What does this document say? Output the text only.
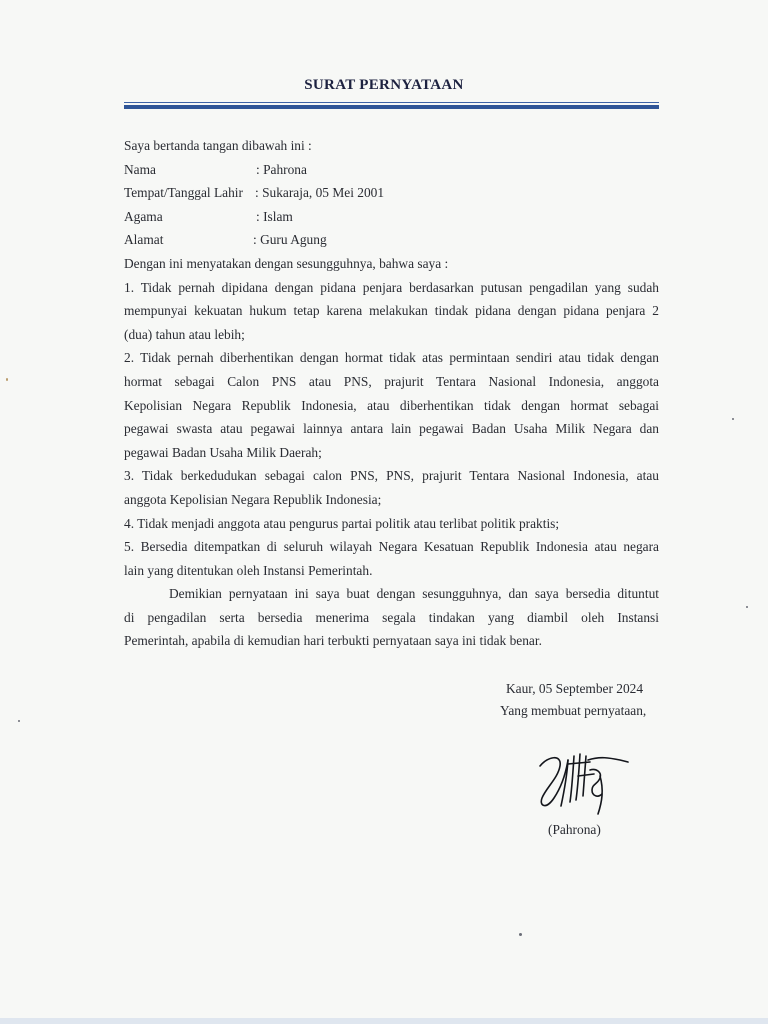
SURAT PERNYATAAN
Saya bertanda tangan dibawah ini :
Nama	: Pahrona
Tempat/Tanggal Lahir : Sukaraja, 05 Mei 2001
Agama	: Islam
Alamat	: Guru Agung
Dengan ini menyatakan dengan sesungguhnya, bahwa saya :
1. Tidak pernah dipidana dengan pidana penjara berdasarkan putusan pengadilan yang sudah
mempunyai kekuatan hukum tetap karena melakukan tindak pidana dengan pidana penjara 2
(dua) tahun atau lebih;
2. Tidak pernah diberhentikan dengan hormat tidak atas permintaan sendiri atau tidak dengan
hormat sebagai Calon PNS atau PNS, prajurit Tentara Nasional Indonesia, anggota
Kepolisian Negara Republik Indonesia, atau diberhentikan tidak dengan hormat sebagai
pegawai swasta atau pegawai lainnya antara lain pegawai Badan Usaha Milik Negara dan
pegawai Badan Usaha Milik Daerah;
3. Tidak berkedudukan sebagai calon PNS, PNS, prajurit Tentara Nasional Indonesia, atau
anggota Kepolisian Negara Republik Indonesia;
4. Tidak menjadi anggota atau pengurus partai politik atau terlibat politik praktis;
5. Bersedia ditempatkan di seluruh wilayah Negara Kesatuan Republik Indonesia atau negara
lain yang ditentukan oleh Instansi Pemerintah.
Demikian pernyataan ini saya buat dengan sesungguhnya, dan saya bersedia dituntut
di pengadilan serta bersedia menerima segala tindakan yang diambil oleh Instansi
Pemerintah, apabila di kemudian hari terbukti pernyataan saya ini tidak benar.
Kaur, 05 September 2024
Yang membuat pernyataan,
(Pahrona)
